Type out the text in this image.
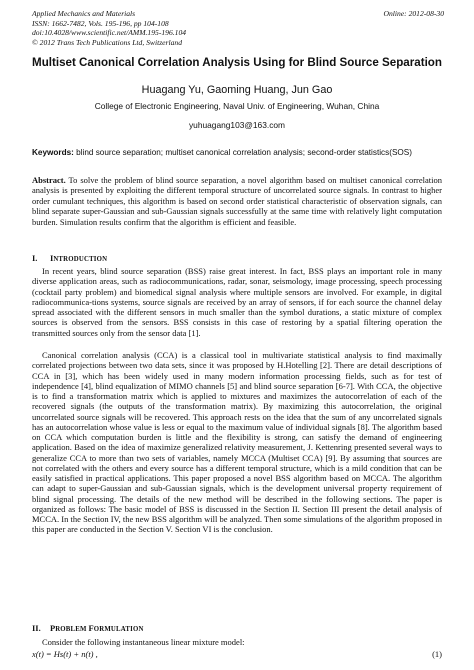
Applied Mechanics and Materials
ISSN: 1662-7482, Vols. 195-196, pp 104-108
doi:10.4028/www.scientific.net/AMM.195-196.104
© 2012 Trans Tech Publications Ltd, Switzerland
Online: 2012-08-30
Multiset Canonical Correlation Analysis Using for Blind Source Separation
Huagang Yu, Gaoming Huang, Jun Gao
College of Electronic Engineering, Naval Univ. of Engineering, Wuhan, China
yuhuagang103@163.com
Keywords: blind source separation; multiset canonical correlation analysis; second-order statistics(SOS)
Abstract. To solve the problem of blind source separation, a novel algorithm based on multiset canonical correlation analysis is presented by exploiting the different temporal structure of uncorrelated source signals. In contrast to higher order cumulant techniques, this algorithm is based on second order statistical characteristic of observation signals, can blind separate super-Gaussian and sub-Gaussian signals successfully at the same time with relatively light computation burden. Simulation results confirm that the algorithm is efficient and feasible.
I. INTRODUCTION
In recent years, blind source separation (BSS) raise great interest. In fact, BSS plays an important role in many diverse application areas, such as radiocommunications, radar, sonar, seismology, image processing, speech processing (cocktail party problem) and biomedical signal analysis where multiple sensors are involved. For example, in digital radiocommunica-tions systems, source signals are received by an array of sensors, if for each source the channel delay spread associated with the different sensors in much smaller than the symbol durations, a static mixture of complex sources is observed from the sensors. BSS consists in this case of restoring by a spatial filtering operation the transmitted sources only from the sensor data [1].
Canonical correlation analysis (CCA) is a classical tool in multivariate statistical analysis to find maximally correlated projections between two data sets, since it was proposed by H.Hotelling [2]. There are detail descriptions of CCA in [3], which has been widely used in many modern information processing fields, such as for test of independence [4], blind equalization of MIMO channels [5] and blind source separation [6-7]. With CCA, the objective is to find a transformation matrix which is applied to mixtures and maximizes the autocorrelation of each of the recovered signals (the outputs of the transformation matrix). By maximizing this autocorrelation, the original uncorrelated source signals will be recovered. This approach rests on the idea that the sum of any uncorrelated signals has an autocorrelation whose value is less or equal to the maximum value of individual signals [8]. The algorithm based on CCA which computation burden is little and the flexibility is strong, can satisfy the demand of engineering application. Based on the idea of maximize generalized relativity measurement, J. Kettenring presented several ways to generalize CCA to more than two sets of variables, namely MCCA (Multiset CCA) [9]. By assuming that sources are not correlated with the others and every source has a different temporal structure, which is a mild condition that can be easily satisfied in practical applications. This paper proposed a novel BSS algorithm based on MCCA. The algorithm can adapt to super-Gaussian and sub-Gaussian signals, which is the development universal property requirement of blind signal processing. The details of the new method will be described in the following sections. The paper is organized as follows: The basic model of BSS is discussed in the Section II. Section III present the detail analysis of MCCA. In the Section IV, the new BSS algorithm will be analyzed. Then some simulations of the algorithm proposed in this paper are conducted in the Section V. Section VI is the conclusion.
II. PROBLEM FORMULATION
Consider the following instantaneous linear mixture model:
x(t) = Hs(t) + n(t) ,	(1)
